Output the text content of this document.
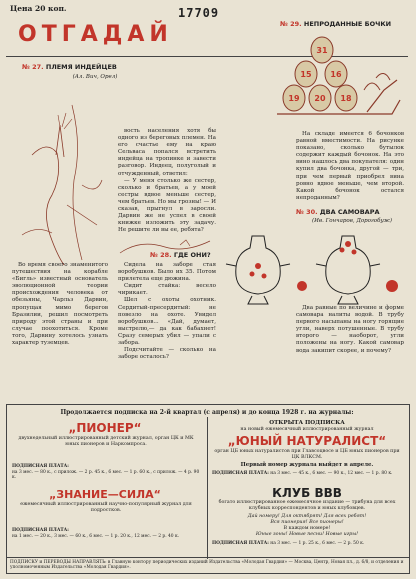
Цена 20 коп.	17709
ОТГАДАЙ
№ 27. ПЛЕМЯ ИНДЕЙЦЕВ
(Ал. Вич, Орел)

Во время своего знаменитого путешествия на корабле «Бигль» известный основатель эволюционной теории происхождения человека от обезьяны, Чарльз Дарвин, пропущая мимо берегов Бразилии, решил посмотреть природу этой страны и при случае поохотиться. Кроме того, Дарвину хотелось узнать характер туземцев.

вость населения хотя бы одного из береговых племен. На его счастье ему на краю Сельваса попался встретить индейца на тропинке и завести разговор. Индеец, полуголый и отчужденный, ответил:

— У меня столько же сестер, сколько и братьев, а у моей сестры вдвое меньше сестер, чем братьев. Но мы грозны! — И сказав, прыгнул в заросли. Дарвин же не успел в своей книжке изложить эту задачу. Не решите ли вы ее, ребята?

№ 28. ГДЕ ОНИ?

Сидела на заборе стая воробушков. Было их 35. Потом прилетела еще дюжина.

Сидит стайка: весело чирикает.

Шел с охоты охотник. Сердитый-пресердитый: не повезло на охоте. Увидел воробушков... «Дай, думает, выстрелю,— да как бабахнет! Сразу семерых убил — упали с забора.

Подсчитайте — сколько на заборе осталось?

№ 29. НЕПРОДАННЫЕ БОЧКИ
31
15 16
19 20 18

На складе имеется 6 бочонков равной вместимости. На рисунке показано, сколько бутылок содержит каждый бочонок. На это вино нашлось два покупателя: один купил два бочонка, другой — три, при чем первый приобрел вина ровно вдвое меньше, чем второй. Какой бочонок остался непроданным?

№ 30. ДВА САМОВАРА
(Ив. Гончаров, Дорогобуж)

Два равные по величине и форме самовара налиты водой. В трубу первого насыпаны на ногу горящие угли, наверх потушенные. В трубу второго — наоборот, угли положены на ногу. Какой самовар вода закипит скорее, и почему?

Продолжается подписка на 2-й квартал (с апреля) и до конца 1928 г. на журналы:
„ПИОНЕР“
двухнедельный иллюстрированный детский журнал, орган ЦК и МК юных пионеров и Наркомпроса.
ПОДПИСНАЯ ПЛАТА:
на 3 мес. — 80 к., с прилож. — 2 р. 45 к., 6 мес. — 1 р. 60 к., с прилож. — 4 р. 90 к.
„ЗНАНИЕ—СИЛА“
ежемесячный иллюстрированный научно-популярный журнал для подростков.
ПОДПИСНАЯ ПЛАТА:
на 1 мес. — 20 к., 3 мес. — 60 к., 6 мес. — 1 р. 20 к., 12 мес. — 2 р. 40 к.
ОТКРЫТА ПОДПИСКА
на новый ежемесячный иллюстрированный журнал
„ЮНЫЙ НАТУРАЛИСТ“
орган ЦБ юных натуралистов при Главсоцвосе и ЦБ юных пионеров при ЦК ВЛКСМ.
Первый номер журнала выйдет в апреле.
ПОДПИСНАЯ ПЛАТА: на 3 мес. — 45 к., 6 мес. — 90 к., 12 мес. — 1 р. 80 к.
КЛУБ ВВВ
богато иллюстрированное ежемесячное издание — трибуна для всех клубных корреспондентов и юных клубовцев.
Дай номеру! Для октябрят! Для всех ребят!
Вся пионерия! Все пионеры!
В каждом номере!
Юные зоны! Новые песни! Новые игры!
ПОДПИСНАЯ ПЛАТА: на 3 мес. — 1 р. 25 к., 6 мес. — 2 р. 50 к.
ПОДПИСКУ и ПЕРЕВОДЫ НАПРАВЛЯТЬ: в Главную контору периодических изданий Издательства «Молодая Гвардия» — Москва, Центр, Новая пл., д. 6/8, и отделения и уполномоченным Издательства «Молодая Гвардия».
